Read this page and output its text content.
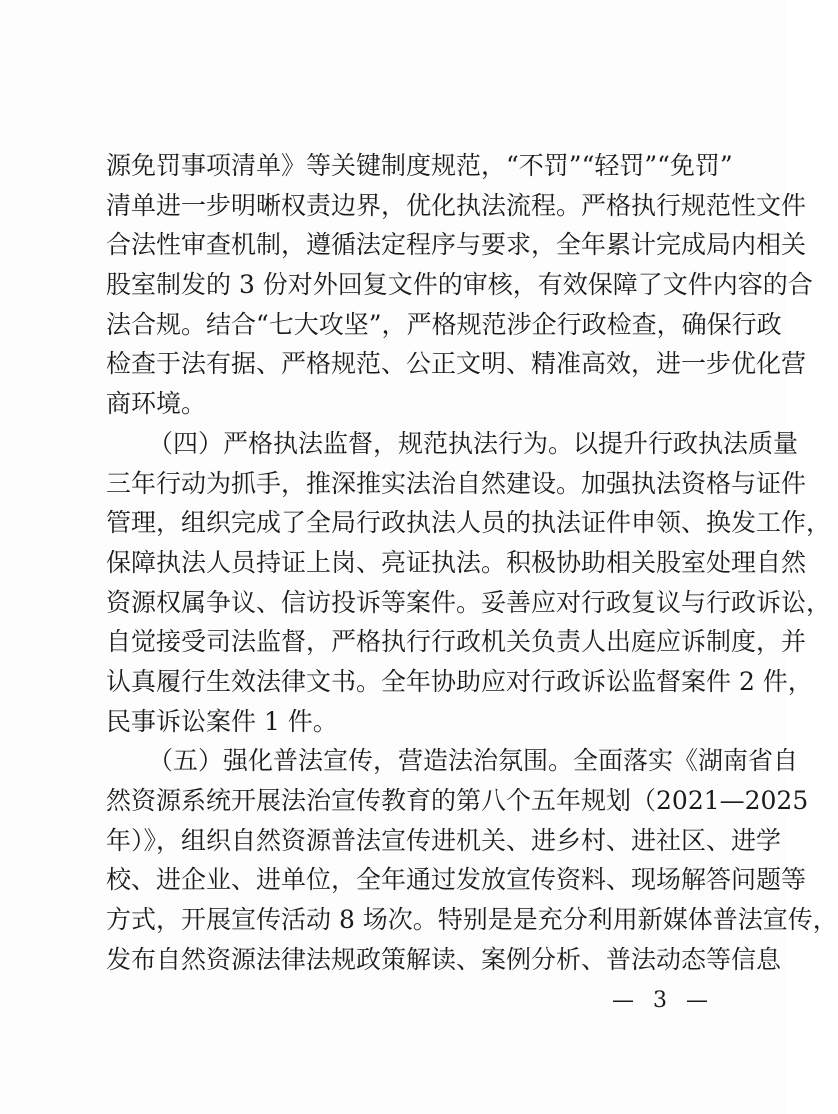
源免罚事项清单》等关键制度规范，“不罚”“轻罚”“免罚”
清单进一步明晰权责边界，优化执法流程。严格执行规范性文件
合法性审查机制，遵循法定程序与要求，全年累计完成局内相关
股室制发的 3 份对外回复文件的审核，有效保障了文件内容的合
法合规。结合“七大攻坚”，严格规范涉企行政检查，确保行政
检查于法有据、严格规范、公正文明、精准高效，进一步优化营
商环境。
（四）严格执法监督，规范执法行为。以提升行政执法质量
三年行动为抓手，推深推实法治自然建设。加强执法资格与证件
管理，组织完成了全局行政执法人员的执法证件申领、换发工作，
保障执法人员持证上岗、亮证执法。积极协助相关股室处理自然
资源权属争议、信访投诉等案件。妥善应对行政复议与行政诉讼，
自觉接受司法监督，严格执行行政机关负责人出庭应诉制度，并
认真履行生效法律文书。全年协助应对行政诉讼监督案件 2 件，
民事诉讼案件 1 件。
（五）强化普法宣传，营造法治氛围。全面落实《湖南省自
然资源系统开展法治宣传教育的第八个五年规划（2021—2025
年）》，组织自然资源普法宣传进机关、进乡村、进社区、进学
校、进企业、进单位，全年通过发放宣传资料、现场解答问题等
方式，开展宣传活动 8 场次。特别是是充分利用新媒体普法宣传，
发布自然资源法律法规政策解读、案例分析、普法动态等信息
— 3 —
